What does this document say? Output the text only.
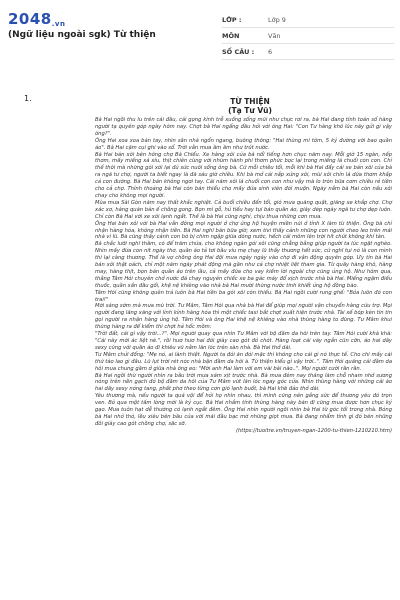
2048.vn
(Ngữ liệu ngoài sgk) Từ thiện
LỚP :	Lớp 9
MÔN	Văn
SỐ CÂU :	6
1.	TỪ THIỆN
(Tạ Tư Vũ)

Bà Hai ngồi thu lu trên cái đầu, cái gọng kính trễ xuống sống mũi như chực rơi ra, bà Hai đang tính toán số hàng người tạ quyên góp ngày hôm nay. Chợt bà Hai ngẩng đầu hỏi với ông Hai: "Con Tư hàng khô lúc nãy gửi gì vậy ông?".

Ông Hai xoa xoa bàn tay, nhìn sân nhà ngổn ngang, buông thõng: "Hai thùng mì tôm, 5 ký đường với bao quần áo". Bà Hai cặm cụi ghi vào sổ. Trời vẫn mưa ầm ầm như trút nước.

Bà Hai bán xôi bên hông chợ Bà Chiểu. Xe hàng xôi của bà nổi tiếng hơn chục năm nay. Mỗi giờ 15 ngàn, nếp thơm, mấy miếng xá xíu, thịt chiên cùng với nhúm hành phi thơm phức bọc lại trong miếng lá chuối con con. Chỉ thế thôi mà những gói xôi lại đủ sức nuôi sống ông bà. Cứ mỗi chiều tối, mỗi khi bà Hai đẩy cái xe bán xôi của bà ra ngã tư chợ, người ta biết ngay là đã sáu giờ chiều. Khi bà mở cái nắp xửng xôi, mùi xôi chín lá dứa thơm khắp cả con đường. Bà Hai bán không ngơi tay. Cái năm xôi lá chuối con con như vậy mà lo tròn bữa cơm chiều rẻ tiền cho cả chợ. Thỉnh thoảng bà Hai còn bán thiếu cho mấy đứa sinh viên đói muộn. Ngày nắm bà Hai còn nấu xôi chay cho không mọi người.

Mùa mưa Sài Gòn năm nay thất khắc nghiệt. Cả buổi chiều đến tối, gió mưa quăng quật, giăng xe khắp chợ. Chợ xác xơ, hàng quán bán ế chồng gong. Bọn mì gỗ, hủ tiếu hay tụi bán quần áo, giày dép ngày ngã tư chợ dẹp luôn. Chỉ còn Bà Hai với xe xôi lạnh ngắt. Thế là bà Hai cũng nghỉ, chịu thua những cơn mưa.

Ông Hai bán xôi với bà Hai vẫn đông mọi người ở chợ ủng hộ huyện miền núi ở tỉnh X làm từ thiện. Ông bà chỉ nhận hàng hóa, không nhận tiền. Bà Hai nghĩ bán bữa giờ; xem tivi thấy cảnh những con người cheo leo trên mái nhà vì lũ. Bà cũng thấy cảnh con bò bị chìm ngập giữa dòng nước, hếch cái mõm lên trời hít chút không khí tàn.

Bà chắc lưỡi nghĩ thầm, có để trăm chứa, cho không ngàn gói xôi cũng chẳng bằng giúp người ta lúc ngặt nghèo. Nhìn mấy đứa con nít ngày thơ, quần áo tả tơi bầu víu mẹ chạy lũ thấy thương hết sức, cứ nghĩ tụi nó là con mình thì lại càng thương. Thế là vợ chồng ông Hai đội mưa ngày ngày vào chợ đi vận động quyên góp. Ưy tín bà Hai bán xôi thật oách, chỉ một năm ngày phát động mà gần như cả chợ nhiệt liệt tham gia. Từ quầy hàng khô, hàng may, hàng thịt, bọn bán quần áo trên lầu, cả mấy đứa cho vay kiếm lời ngoài chợ cũng ủng hộ. Như hôm qua, thằng Tâm Hói chuyên chở nước đá chạy nguyên chiếc xe ba gác máy đổ xịch trước nhà bà Hai. Miếng ngậm điếu thuốc, quần xắn đầu gối, khệ nệ khiêng vào nhà bà Hai mười thùng nước tinh khiết ủng hộ đồng bào.

Tâm Hói cũng không quên trả luôn bà Hai tiền ba gói xôi còn thiếu. Bà Hai ngồi cười rung ghế: "Bỏa luôn đó con trai!"

Mới sáng sớm mà mưa mù trời. Tư Mâm, Tâm Hói qua nhà bà Hai để giúp mọi người vận chuyển hàng cứu trợ. Mọi người đang lăng xăng với lỉnh kỉnh hàng hóa thì một chiếc taxi bắt chợt xuất hiện trước nhà. Tài xế bóp kèn tin tin gọi người ra nhận hàng ủng hộ. Tâm Hói và ông Hai khệ nệ khiêng vào nhà thùng hàng to đùng. Tư Mâm khui thùng hàng ra để kiểm thì chợt hả hốc mồm:

"Trời đất, cái gì vậy trời...?". Mọi người quay qua nhìn Tư Mâm với bộ đầm da hôi trên tay. Tâm Hói cười khà khà: "Cái này mới ác liệt nè.", rồi hươ hươ hai đôi giày cao gót đỏ chót. Hàng loạt cái váy ngắn cũn cỡn, áo hai dây sexy cùng với quần áo đi khiêu vũ nằm lăn lóc trên sàn nhà. Bà Hai thở dài.

Tư Mâm chửi đổng: "Mẹ nó, ai lành thiệt. Người ta đói ăn đói mặc thì không cho cái gì nó thực tế. Cho chi mấy cái thứ tào lao gì đâu. Lũ lụt trời rét nóc nhà bận đầm da hôi à. Từ thiện kiểu gì vậy trời..". Tâm Hói quăng cái đầm da hôi mua chung gầm ở giữa nhà ông eo: "Mời anh Hai làm với em vài bài nào..". Mọi người cười rần rần.

Bà Hai ngồi thừ người nhìn ra bầu trời mưa xám xịt trước nhà. Bà mưa đêm nay tháng làm chỗ nham nhở sương nóng trên nền gạch đỏ bộ đầm da hôi của Tư Mâm vứt lăn lóc ngay góc cửa. Nhìn thùng hàng với những cái áo hai dây sexy nóng tang, phất phơ theo từng cơn gió lạnh buốt, bà Hai khẽ đảo thở dài.

Yêu thương mà, nếu người ta quá vội để hỏi họ nhìn nhau, thì mình cũng nên gắng sức để thương yêu đó trọn ven. Bỏ qua một tấm lòng mới là ký cục. Bà Hai nhắm tính thùng hàng này bán đi cũng mua được hơn chục ký gạo. Mưa tuôn hạt dễ thường có lạnh ngắt đêm. Ông Hai nhìn người ngồi nhìn bà Hai từ góc tối trong nhà. Bóng bà Hai nhỏ thó, lều xiêu bên bầu của với mái đầu bạc mờ những giọt mưa. Bà đang nhẩm tính gì đó bên những đôi giày cao gót chồng chợ, sặc sỡ.

(https://tuoitre.vn/truyen-ngan-1200-tu-thien-1210210.htm)
